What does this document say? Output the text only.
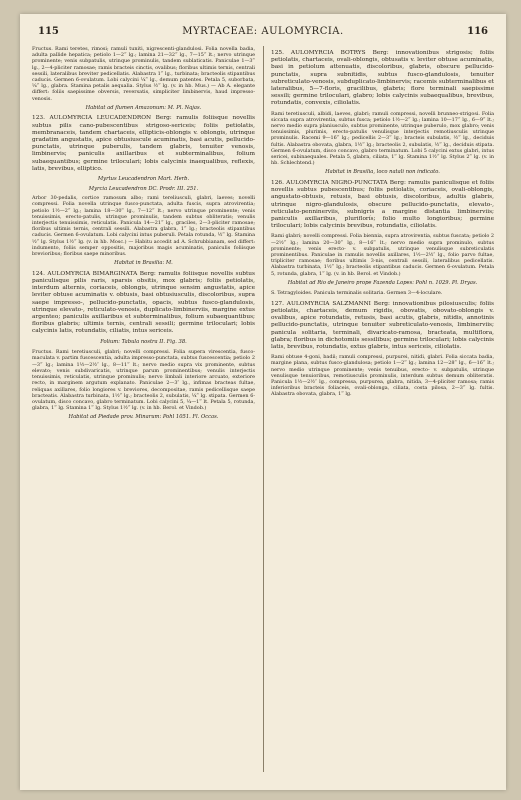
115	MYRTACEAE: AULOMYRCIA.	116

Fructus. Rami teretes, rimosi; ramuli tuniti, nigrescenti-glandulosi. Folia novella badia, adulta pallide hepatica; petiolo 1—2‴ lg.; lamina 21—32‴ lg., 7—15‴ lt.; nervo utrinque prominente; venis subpatulis, utrinque prominulis, tandem sublaticatis. Paniculae 1—3‴ lg., 2—4-pliciter ramosae; ramis bracteis cinctis, ovalibus; floribus ultimis ternis, centrali sessili, lateralibus breviter pedicellatis. Alabastra 1‴ lg., turbinata; bracteolis stipantibus caducis. Germen 6-ovulatum. Lobi calycini ¼‴ lg., demum patentes. Petala 5, suborbata, ¼‴ lg., glabra. Stamina petalis aequalia. Stylus ½‴ lg. (v. in hb. Mus.) — Ab A. elegante differt: foliis saepissime obversis, reversatis, simpliciter limbinervis, haud impresso-venosis.

Habitat ad flumen Amazonum: M. Pl. Najas.

123. AULOMYRCIA LEUCADENDRON Berg: ramulis foliisque novellis subtus pilis cano-pubescentibus strigoso-sericeis; foliis petiolatis, membranaceis, tandem chartaceis, ellipticis-oblongis v. oblongis, utrinque gradatim angustatis, apice obtusiuscule acuminatis, basi acutis, pellucido-punctatis, utrinque puberulis, tandem glabris, tenuiter venosis, limbinervis; paniculis axillaribus et subterminalibus, folium subaequantibus; germine triloculari; lobis calycinis inaequalibus, reflexis, latis, brevibus, elliptico.

Myrtus Leucadendron Mart. Herb.

Myrcia Leucadendron DC. Prodr. III. 251.

Arbor 30-pedalis, cortice ramosum albo; rami tereliusculi, glabri, laeves; novelli compressi. Folia novella utrinque fusco-punctata, adulta fuscis, supra atrovirentia; petiolo 1½—2‴ lg.; lamina 18—30‴ lg., 7—12‴ lt.; nervo utrinque prominente; venis tenuissimis, erecto-patulis, utrinque prominulis, tandem subtus obliteratis; venulis interjectis tenuissimis, reticulatis. Panicula 14—21‴ lg., graciles, 2—3-pliciter ramosae; floribus ultimis ternis, centrali sessili. Alabastra glabra, 1‴ lg.; bracteolis stipantibus caducis. Germen 6-ovulatum. Lobi calycini intus puberuli. Petala rotunda, ½‴ lg. Stamina ½‴ lg. Stylus 1½‴ lg. (v. in hb. Mosc.) — Habitu accedit ad A. Schrubbianam, sed differt: indumento, foliis semper oppositis, majoribus magis acuminatis, paniculis foliisque brevioribus; floribus saepe minoribus.

Habitat in Brasilia: M.

124. AULOMYRCIA BIMARGINATA Berg: ramulis foliisque novellis subtus paniculisque pilis raris, sparsis obsitis, mox glabris; foliis petiolatis, interdum alternis, coriaceis, oblongis, utrinque sensim angustatis, apice leviter obtuse acuminatis v. obtusis, basi obtusiusculis, discoloribus, supra saepe impresso-, pellucido-punctatis, opacis, subtus fusco-glandulosis, utrinque elevato-, reticulato-venosis, duplicato-limbinerviis, margine extus argenteo; paniculis axillaribus et subterminalibus, folium subaequantibus; floribus glabris; ultimis ternis, centrali sessili; germine triloculari; lobis calycinis latis, rotundatis, ciliatis, intus sericeis.

Folium: Tabula nostra II. Fig. 38.

Fructus. Rami teretiusculi, glabri; novelli compressi. Folia supera virescentia, fusco-maculata v. partim fuscescentia, adulta impresso-punctata, subtus fuscescentia; petiolo 2—3‴ lg.; lamina 1½—2½″ lg., 8—11‴ lt.; nervo medio supra vix prominente, subtus elevato; venis subdivaricatis, utrinque parum prominentibus; venulis interjectis tenuissimis, reticulatis, utrinque prominulis; nervo limbali interiore arcuato, exteriore recto, in marginem argutum explanato. Paniculae 2—3″ lg., infimas bracteas fultae, reliquas axillares, folio longiores v. breviores, decompositae, ramis pedicellisque saepe bracteatis. Alabastra turbinata, 1½‴ lg.; bracteolis 2, subulatis, ¼‴ lg. stipata. Germen 6-ovulatum, disco concavo, glabro terminatum. Lobi calycini 5, ¼—1‴ lt. Petala 5, rotunda, glabra, 1‴ lg. Stamina 1‴ lg. Stylus 1½‴ lg. (v. in hb. Berol. et Vindob.)

Habitat ad Piedade prov. Minarum: Pohl 1051. Fl. Occas.

125. AULOMYRCIA BOTRYS Berg: innovationibus strigosis; foliis petiolatis, chartaceis, ovali-oblongis, obtusatis v. leviter obtuse acuminatis, basi in petiolum attenuatis, discoloribus, glabris, obscure pellucido-punctatis, supra subnitidis, subtus fusco-glandulosis, tenuiter subreticulato-venosis, subduplicato-limbinervis; racemis subterminalibus et lateralibus, 5—7-floris, gracilibus, glabris; flore terminali saepissime sessili; germine triloculari, glabro; lobis calycinis subaequalibus, brevibus, rotundatis, convexis, ciliolatis.

Rami teretiusculi, albidi, laeves, glabri; ramuli compressi, novelli brunneo-strigosi. Folia siccata supra atrovirentia, subtus fusca; petiolo 1½—2‴ lg.; lamina 10—17‴ lg., 6—9‴ lt.; nervo medio supra planiusculo, subtus prominente, utrinque puberulo, mox glabro; venis tenuissimis, plurimis, erecto-patulis venulisque interjectis remotiusculis utrinque prominulis. Racemi 9—16‴ lg.; pedicellis 2—3‴ lg.; bracteis subulatis, ½‴ lg., deciduis fultis. Alabastra obovata, glabra, 1½‴ lg.; bracteolis 2, subulatis, ½‴ lg., deciduis stipata. Germen 6-ovulatum, disco concavo, glabro terminatum. Lobi 5 calycini extus glabri, intus sericei, subinaequales. Petala 5, glabra, ciliata, 1‴ lg. Stamina 1½‴ lg. Stylus 2‴ lg. (v. in hb. Schlechtend.)

Habitat in Brasilia, loco natali non indicato.

126. AULOMYRCIA NIGRO-PUNCTATA Berg: ramulis paniculisque et foliis novellis subtus pubescentibus; foliis petiolatis, coriaceis, ovali-oblongis, angustato-obtusis, retusis, basi obtusis, discoloribus, adultis glabris, utrinque nigro-glandulosis, obscure pellucido-punctatis, elevato-, reticulato-penninerviis, subnigris a margine distantia limbinerviis; paniculis axillaribus, pluriflorís; folio multo longioribus; germine triloculari; lobis calycinis brevibus, rotundatis, ciliolatis.

Rami glabri; novelli compressi. Folia biennia, supra atrovirentia, subtus fuscata; petiolo 2—2½‴ lg.; lamina 20—30‴ lg., 8—16‴ lt.; nervo medio supra prominulo, subtus prominente; venis erecto- v. subpatulis, utrinque venulisque subreticulatis prominentibus. Paniculae in ramulis novellis axillares, 1½—2½″ lg., folio parvo fultae, tripliciter ramosae; floribus ultimis 3-nis, centrali sessili, lateralibus pedicellatis. Alabastra turbinata, 1½‴ lg.; bracteolis stipantibus caducis. Germen 6-ovulatum. Petala 5, rotunda, glabra, 1‴ lg. (v. in hb. Berol. et Vindob.)

Habitat ad Rio de Janeiro prope Fazenda Lopes: Pohl n. 1029. Pl. Dryas.

S. Tetragyloides. Panicula terminalis solitaria. Germen 3—4-loculare.

127. AULOMYRCIA SALZMANNI Berg: innovationibus pilosiusculis; foliis petiolatis, chartaceis, demum rigidis, obovatis, obovato-oblongis v. ovalibus, apice rotundatis, retusis, basi acutis, glabris, nitidis, annotinis pellucido-punctatis, utrinque tenuiter subreticulato-venosis, limbinerviis; panicula solitaria, terminali, divaricato-ramosa, bracteata, multiflora, glabra; floribus in dichotomiis sessilibus; germine triloculari; lobis calycinis latis, brevibus, rotundatis, extus glabris, intus sericeis, ciliolatis.

Rami obtuse 4-goni, badii; ramuli compressi, purpurei, nitidi, glabri. Folia siccata badia, margine plana, subtus fusco-glandulosa; petiolo 1—2‴ lg.; lamina 12—28‴ lg., 6—16‴ lt.; nervo medio utrinque prominente; venis tenuibus, erecto- v. subpatulis, utrinque venulisque tenuioribus, remotiusculis prominulis, interdum subtus demum obliteratis. Panicula 1½—2½″ lg., compressa, purpurea, glabra, nitida, 3—4-pliciter ramosa; ramis inferioribus bracteis foliaceis, ovali-oblonga, ciliata, costa pilosa, 2—3‴ lg. fultis. Alabastra obovata, glabra, 1‴ lg.
